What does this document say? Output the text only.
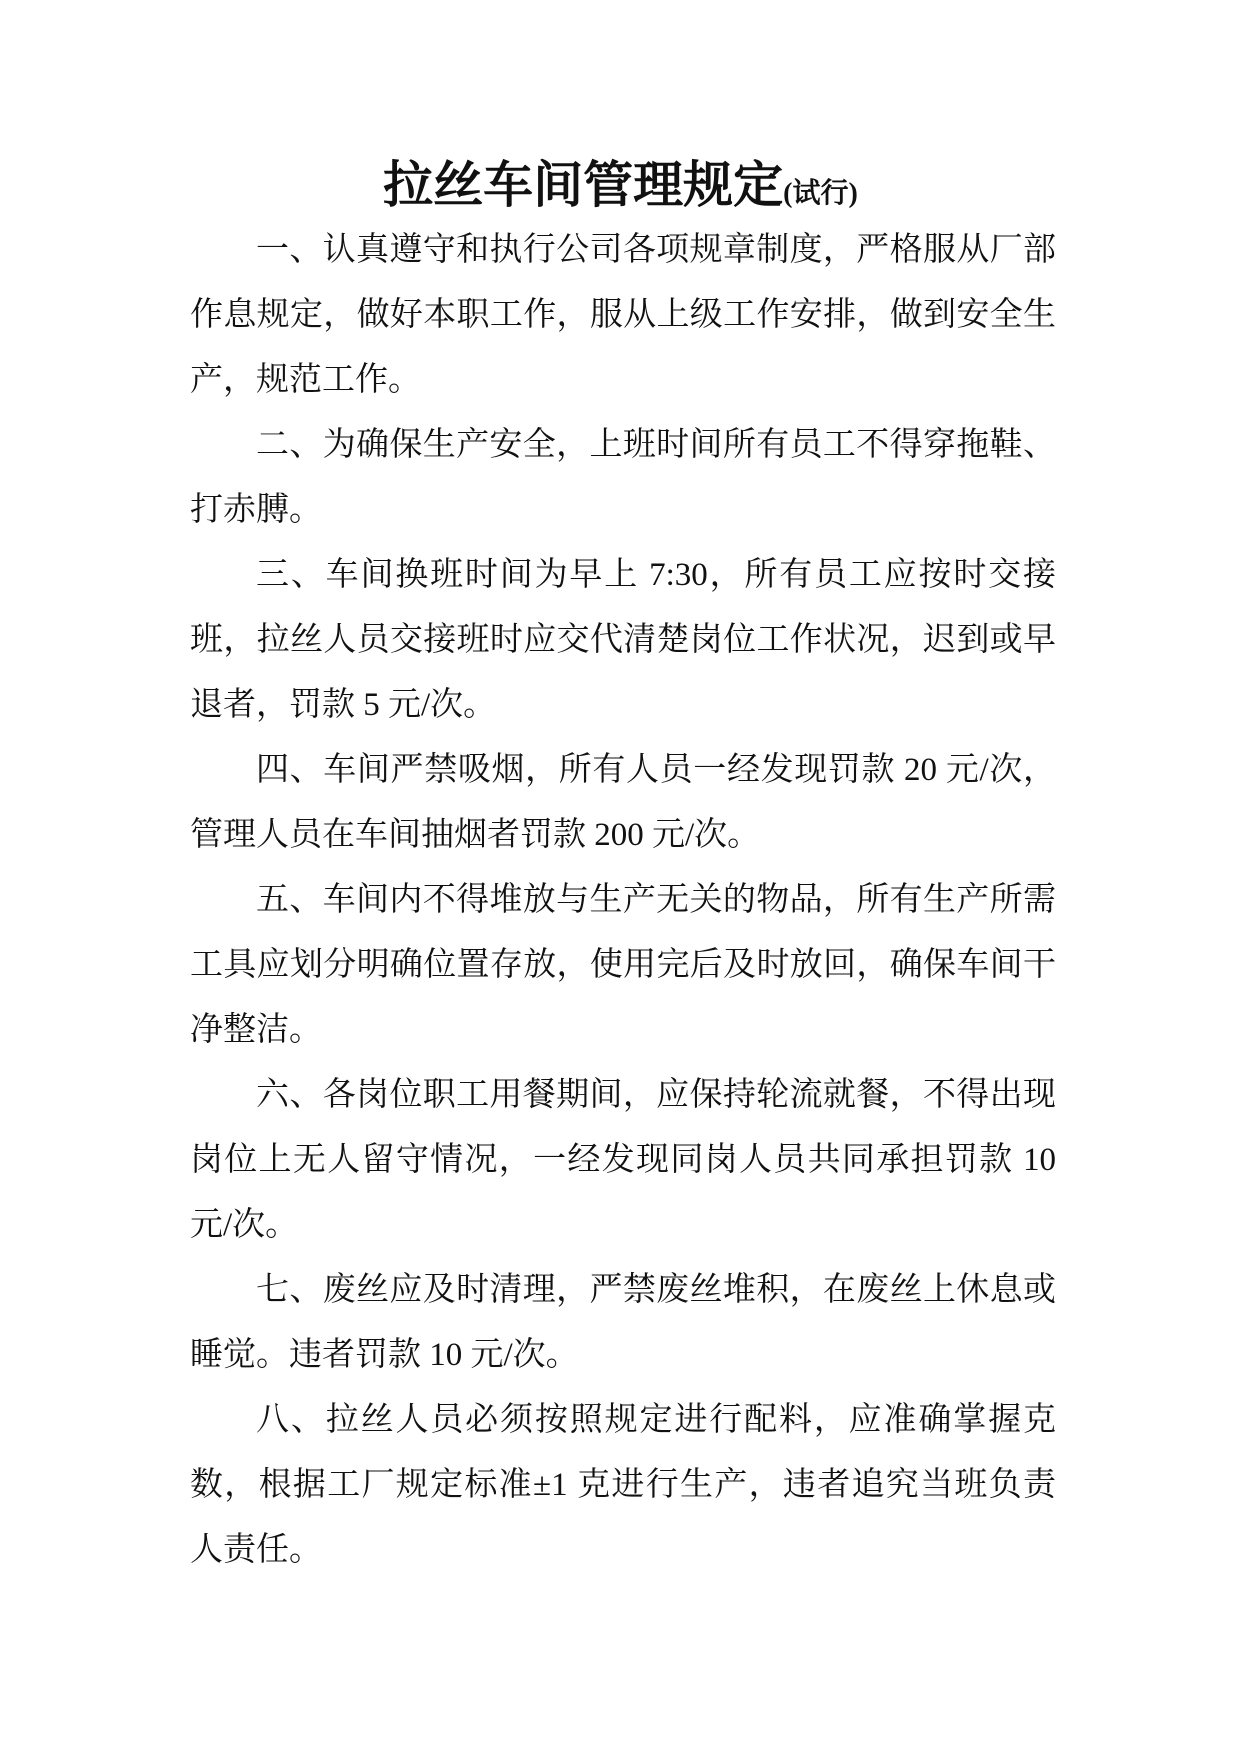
拉丝车间管理规定(试行)

一、认真遵守和执行公司各项规章制度，严格服从厂部作息规定，做好本职工作，服从上级工作安排，做到安全生产，规范工作。

二、为确保生产安全，上班时间所有员工不得穿拖鞋、打赤膊。

三、车间换班时间为早上 7:30，所有员工应按时交接班，拉丝人员交接班时应交代清楚岗位工作状况，迟到或早退者，罚款 5 元/次。

四、车间严禁吸烟，所有人员一经发现罚款 20 元/次，管理人员在车间抽烟者罚款 200 元/次。

五、车间内不得堆放与生产无关的物品，所有生产所需工具应划分明确位置存放，使用完后及时放回，确保车间干净整洁。

六、各岗位职工用餐期间，应保持轮流就餐，不得出现岗位上无人留守情况，一经发现同岗人员共同承担罚款 10 元/次。

七、废丝应及时清理，严禁废丝堆积，在废丝上休息或睡觉。违者罚款 10 元/次。

八、拉丝人员必须按照规定进行配料，应准确掌握克数，根据工厂规定标准±1 克进行生产，违者追究当班负责人责任。
